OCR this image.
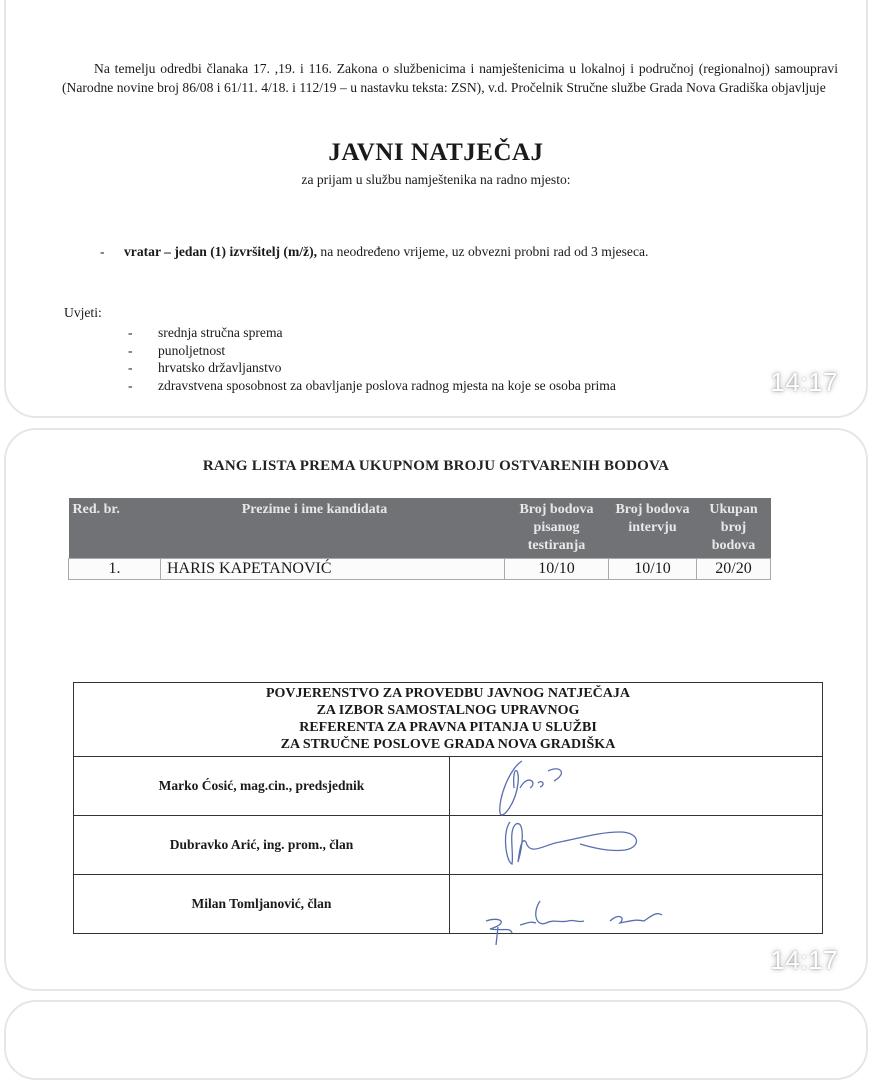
Na temelju odredbi članaka 17. ,19. i 116. Zakona o službenicima i namještenicima u lokalnoj i područnoj (regionalnoj) samoupravi (Narodne novine broj 86/08 i 61/11. 4/18. i 112/19 – u nastavku teksta: ZSN), v.d. Pročelnik Stručne službe Grada Nova Gradiška objavljuje
JAVNI NATJEČAJ
za prijam u službu namještenika na radno mjesto:
- vratar – jedan (1) izvršitelj (m/ž), na neodređeno vrijeme, uz obvezni probni rad od 3 mjeseca.
Uvjeti:
- srednja stručna sprema
- punoljetnost
- hrvatsko državljanstvo
- zdravstvena sposobnost za obavljanje poslova radnog mjesta na koje se osoba prima	14:17
RANG LISTA PREMA UKUPNOM BROJU OSTVARENIH BODOVA
Red. br.	Prezime i ime kandidata	Broj bodova pisanog testiranja	Broj bodova intervju	Ukupan broj bodova
1.	HARIS KAPETANOVIĆ	10/10	10/10	20/20
POVJERENSTVO ZA PROVEDBU JAVNOG NATJEČAJA
ZA IZBOR SAMOSTALNOG UPRAVNOG
REFERENTA ZA PRAVNA PITANJA U SLUŽBI
ZA STRUČNE POSLOVE GRADA NOVA GRADIŠKA	

Marko Ćosić, mag.cin., predsjednik	

Dubravko Arić, ing. prom., član	

Milan Tomljanović, član	
14:17
